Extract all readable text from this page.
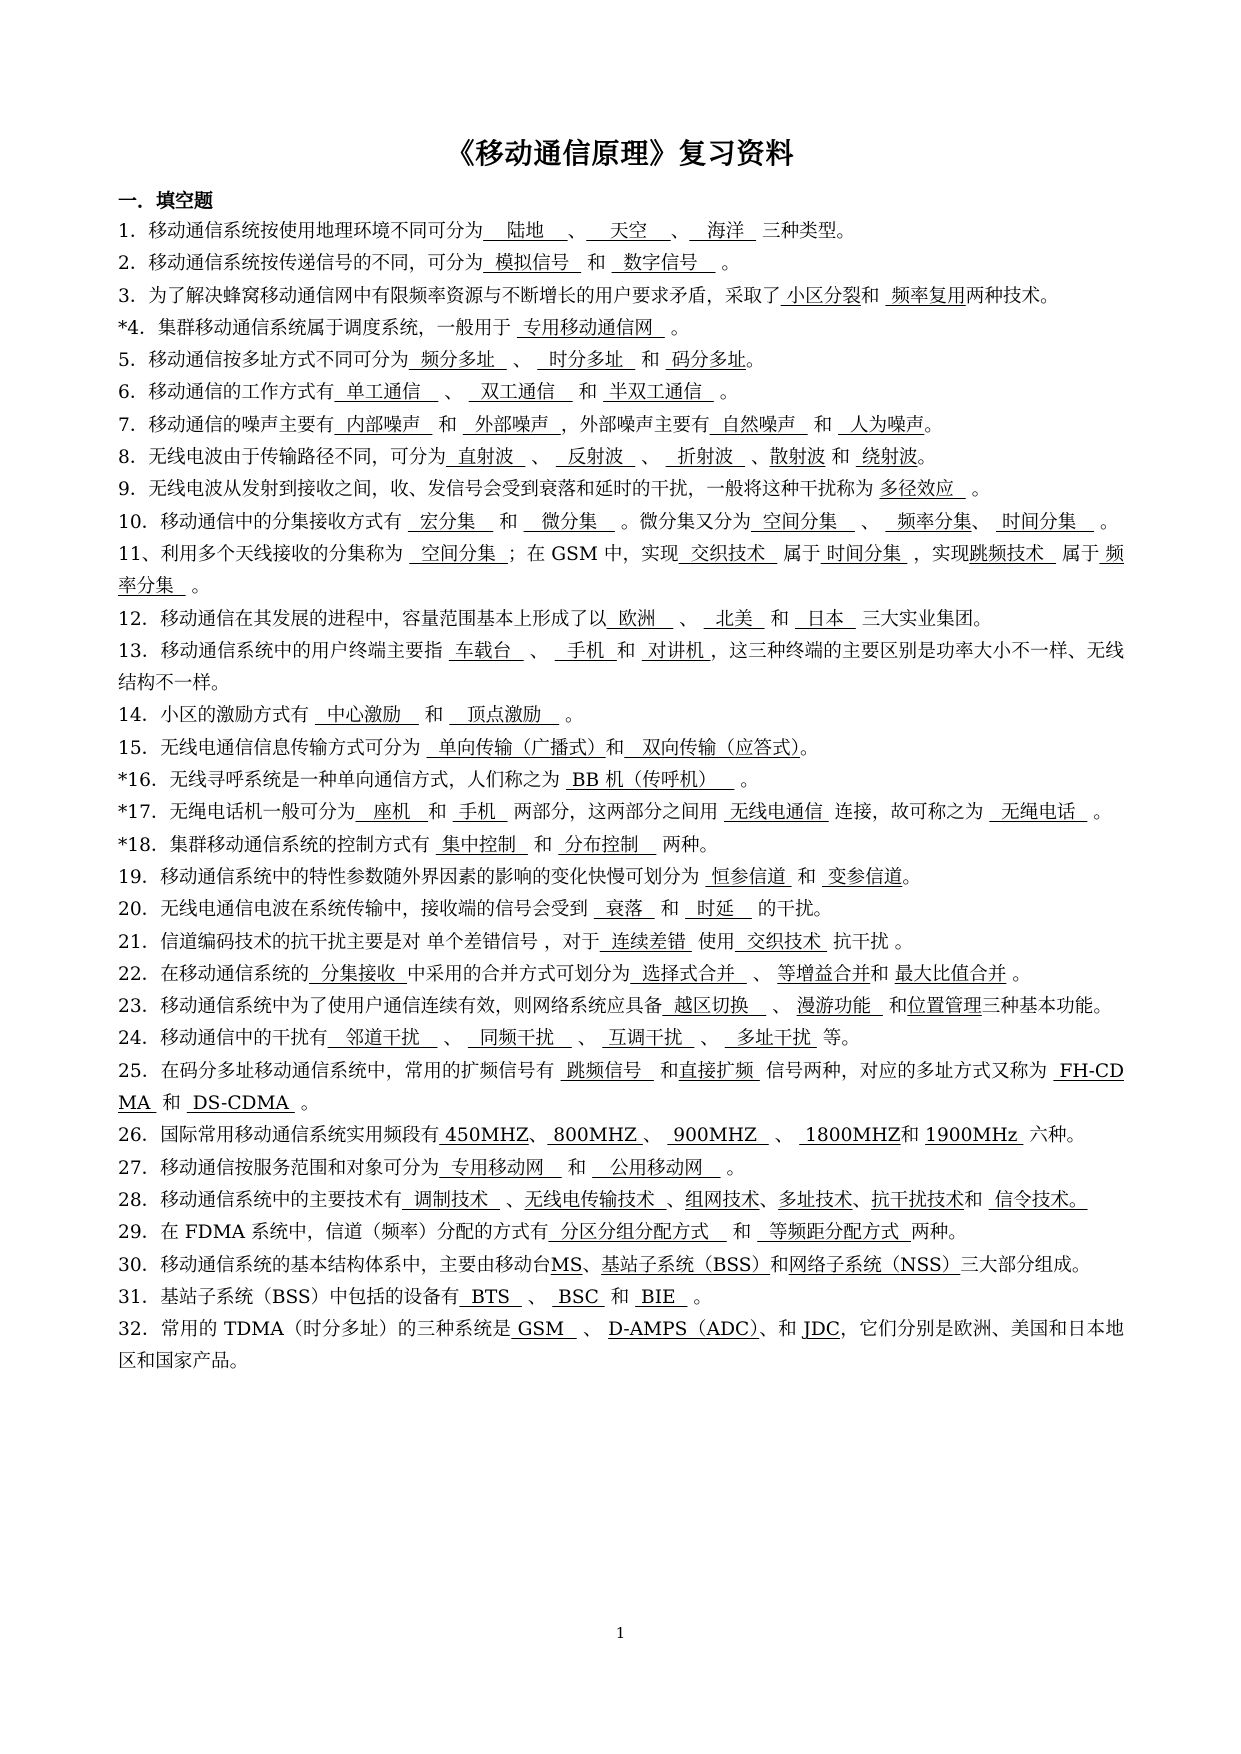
《移动通信原理》复习资料
一．填空题
1．移动通信系统按使用地理环境不同可分为    陆地    、    天空    、   海洋   三种类型。
2．移动通信系统按传递信号的不同，可分为  模拟信号   和   数字信号    。
3．为了解决蜂窝移动通信网中有限频率资源与不断增长的用户要求矛盾，采取了 小区分裂和  频率复用两种技术。
*4．集群移动通信系统属于调度系统，一般用于  专用移动通信网   。
5．移动通信按多址方式不同可分为  频分多址   、   时分多址   和  码分多址。
6．移动通信的工作方式有  单工通信    、   双工通信    和  半双工通信   。
7．移动通信的噪声主要有  内部噪声   和   外部噪声  ，外部噪声主要有  自然噪声   和   人为噪声。
8．无线电波由于传输路径不同，可分为  直射波   、   反射波   、   折射波   、散射波 和  绕射波。
9．无线电波从发射到接收之间，收、发信号会受到衰落和延时的干扰，一般将这种干扰称为 多径效应   。
10．移动通信中的分集接收方式有   宏分集    和    微分集    。微分集又分为  空间分集    、   频率分集、  时间分集    。
11、利用多个天线接收的分集称为   空间分集  ；在 GSM 中，实现  交织技术   属于 时间分集  ，实现跳频技术   属于 频率分集   。
12．移动通信在其发展的进程中，容量范围基本上形成了以  欧洲    、   北美   和   日本   三大实业集团。
13．移动通信系统中的用户终端主要指  车载台   、   手机  和  对讲机 ，这三种终端的主要区别是功率大小不一样、无线结构不一样。
14．小区的激励方式有   中心激励    和    顶点激励    。
15．无线电通信信息传输方式可分为   单向传输（广播式）和   双向传输（应答式）。
*16．无线寻呼系统是一种单向通信方式，人们称之为  BB 机（传呼机）    。
*17．无绳电话机一般可分为   座机   和  手机   两部分，这两部分之间用  无线电通信  连接，故可称之为   无绳电话   。
*18．集群移动通信系统的控制方式有  集中控制   和  分布控制    两种。
19．移动通信系统中的特性参数随外界因素的影响的变化快慢可划分为  恒参信道  和  变参信道。
20．无线电通信电波在系统传输中，接收端的信号会受到   衰落   和   时延    的干扰。
21．信道编码技术的抗干扰主要是对 单个差错信号 ，对于  连续差错  使用  交织技术  抗干扰 。
22．在移动通信系统的  分集接收  中采用的合并方式可划分为  选择式合并   、 等增益合并和 最大比值合并 。
23．移动通信系统中为了使用户通信连续有效，则网络系统应具备  越区切换    、 漫游功能   和位置管理三种基本功能。
24．移动通信中的干扰有   邻道干扰    、   同频干扰    、  互调干扰   、   多址干扰  等。
25．在码分多址移动通信系统中，常用的扩频信号有  跳频信号   和直接扩频  信号两种，对应的多址方式又称为  FH-CDMA  和  DS-CDMA  。
26．国际常用移动通信系统实用频段有 450MHZ、 800MHZ 、  900MHZ   、  1800MHZ和 1900MHz  六种。
27．移动通信按服务范围和对象可分为  专用移动网    和    公用移动网    。
28．移动通信系统中的主要技术有  调制技术   、无线电传输技术  、组网技术、多址技术、抗干扰技术和  信令技术。
29．在 FDMA 系统中，信道（频率）分配的方式有  分区分组分配方式    和   等频距分配方式  两种。
30．移动通信系统的基本结构体系中，主要由移动台MS、基站子系统（BSS）和网络子系统（NSS）三大部分组成。
31．基站子系统（BSS）中包括的设备有  BTS   、  BSC  和  BIE   。
32．常用的 TDMA（时分多址）的三种系统是 GSM   、 D-AMPS（ADC）、和 JDC，它们分别是欧洲、美国和日本地区和国家产品。
1
